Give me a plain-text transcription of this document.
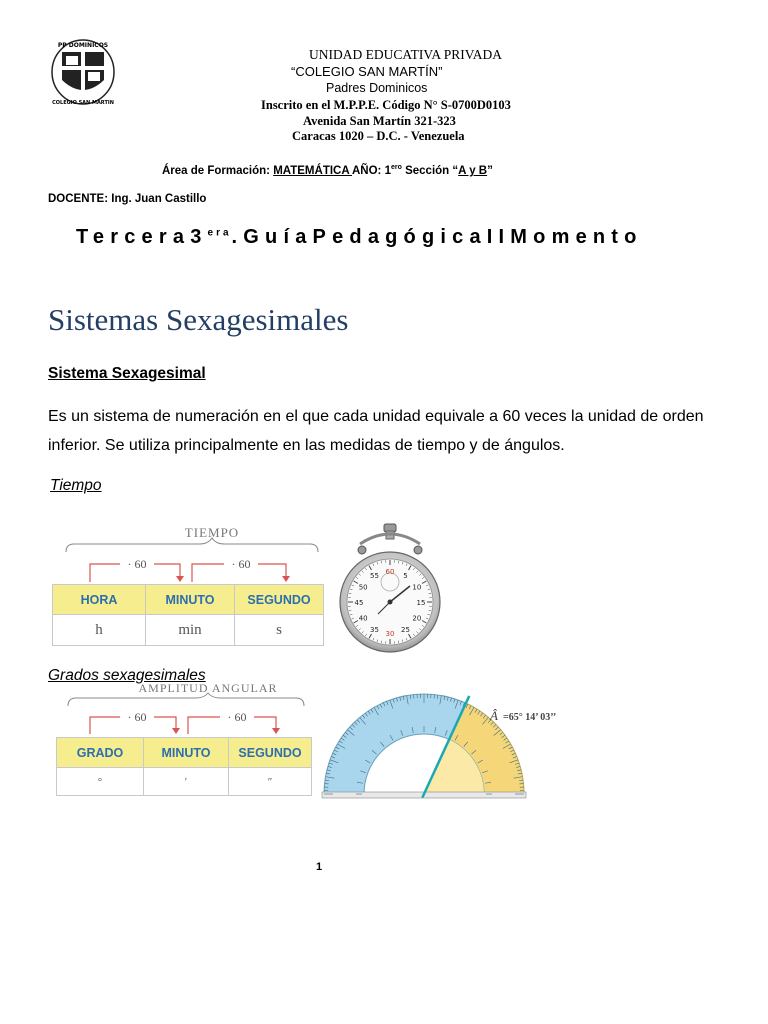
PP DOMINICOS
COLEGIO SAN MARTIN
UNIDAD EDUCATIVA PRIVADA
“COLEGIO SAN MARTÍN”
Padres Dominicos
Inscrito en el M.P.P.E. Código N° S-0700D0103
Avenida San Martín 321-323
Caracas 1020 – D.C. - Venezuela
Área de Formación: MATEMÁTICA AÑO: $1^{ero}$ Sección “A y B”
DOCENTE: Ing. Juan Castillo
$Tercera3^{era}.GuíaPedagógicaIIMomento$
Sistemas Sexagesimales
Sistema Sexagesimal
Es un sistema de numeración en el que cada unidad equivale a 60 veces la unidad de orden inferior. Se utiliza principalmente en las medidas de tiempo y de ángulos.
Tiempo
TIEMPO
· 60	· 60
HORA	MINUTO	SEGUNDO
h	min	s
60
5
10
15
20
25
30
35
40
45
50
55
Grados sexagesimales
AMPLITUD ANGULAR
· 60	· 60
GRADO	MINUTO	SEGUNDO
°	′	″
Â =65° 14’ 03’’
1
